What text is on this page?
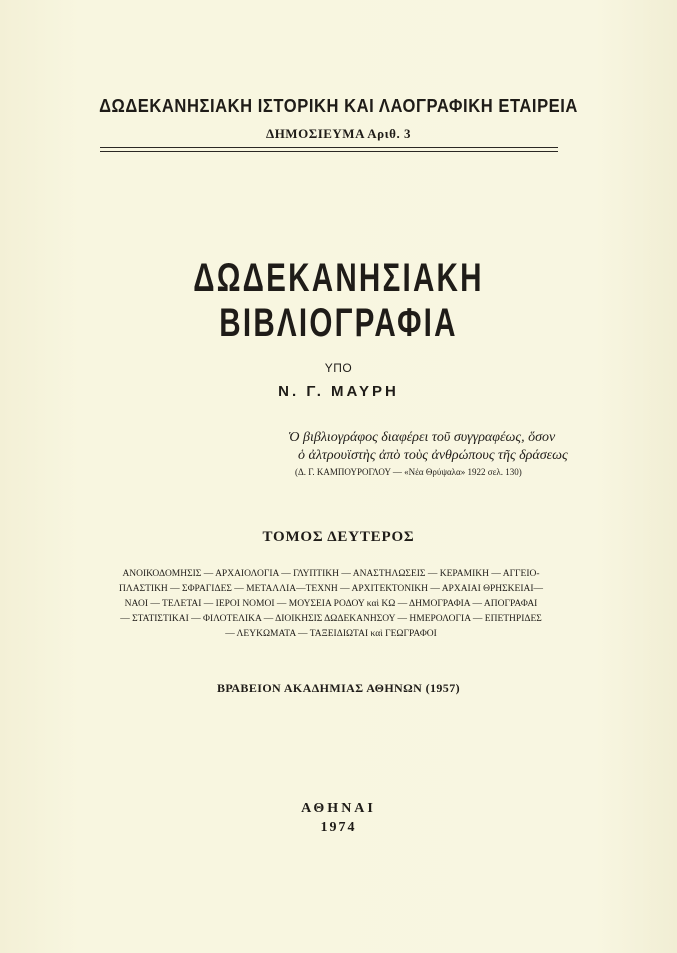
ΔΩΔΕΚΑΝΗΣΙΑΚΗ ΙΣΤΟΡΙΚΗ ΚΑΙ ΛΑΟΓΡΑΦΙΚΗ ΕΤΑΙΡΕΙΑ
ΔΗΜΟΣΙΕΥΜΑ Αριθ. 3
ΔΩΔΕΚΑΝΗΣΙΑΚΗ ΒΙΒΛΙΟΓΡΑΦΙΑ
ΥΠΟ
Ν. Γ. ΜΑΥΡΗ
Ὁ βιβλιογράφος διαφέρει τοῦ συγγραφέως, ὅσον
ὁ ἀλτρουϊστὴς ἀπὸ τοὺς ἀνθρώπους τῆς δράσεως
(Δ. Γ. ΚΑΜΠΟΥΡΟΓΛΟΥ — «Νέα Θρύψαλα» 1922 σελ. 130)
ΤΟΜΟΣ ΔΕΥΤΕΡΟΣ
ΑΝΟΙΚΟΔΟΜΗΣΙΣ — ΑΡΧΑΙΟΛΟΓΙΑ — ΓΛΥΠΤΙΚΗ — ΑΝΑΣΤΗΛΩΣΕΙΣ — ΚΕΡΑΜΙΚΗ — ΑΓΓΕΙΟ-
ΠΛΑΣΤΙΚΗ — ΣΦΡΑΓΙΔΕΣ — ΜΕΤΑΛΛΙΑ—ΤΕΧΝΗ — ΑΡΧΙΤΕΚΤΟΝΙΚΗ — ΑΡΧΑΙΑΙ ΘΡΗΣΚΕΙΑΙ—
ΝΑΟΙ — ΤΕΛΕΤΑΙ — ΙΕΡΟΙ ΝΟΜΟΙ — ΜΟΥΣΕΙΑ ΡΟΔΟΥ καὶ ΚΩ — ΔΗΜΟΓΡΑΦΙΑ — ΑΠΟΓΡΑΦΑΙ
— ΣΤΑΤΙΣΤΙΚΑΙ — ΦΙΛΟΤΕΛΙΚΑ — ΔΙΟΙΚΗΣΙΣ ΔΩΔΕΚΑΝΗΣΟΥ — ΗΜΕΡΟΛΟΓΙΑ — ΕΠΕΤΗΡΙΔΕΣ
— ΛΕΥΚΩΜΑΤΑ — ΤΑΞΕΙΔΙΩΤΑΙ καὶ ΓΕΩΓΡΑΦΟΙ
ΒΡΑΒΕΙΟΝ ΑΚΑΔΗΜΙΑΣ ΑΘΗΝΩΝ (1957)
ΑΘΗΝΑΙ
1974
